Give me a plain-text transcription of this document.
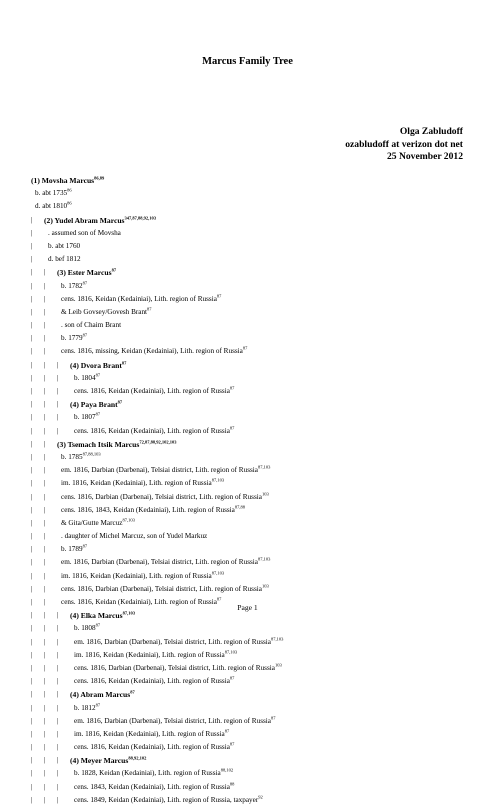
Marcus Family Tree
Olga Zabludoff
ozabludoff at verizon dot net
25 November 2012
(1) Movsha Marcus$^{86,89}$
b. abt 1735$^{86}$
d. abt 1810$^{86}$
|
(2) Yudel Abram Marcus$^{347,87,88,92,103}$
|
. assumed son of Movsha
|
b. abt 1760
|
d. bef 1812
|
|
(3) Ester Marcus$^{87}$
|
|
b. 1782$^{87}$
|
|
cens. 1816, Keidan (Kedainiai), Lith. region of Russia$^{87}$
|
|
& Leib Govsey/Govesh Brant$^{87}$
|
|
. son of Chaim Brant
|
|
b. 1779$^{87}$
|
|
cens. 1816, missing, Keidan (Kedainiai), Lith. region of Russia$^{87}$
|
|
|
(4) Dvora Brant$^{87}$
|
|
|
b. 1804$^{87}$
|
|
|
cens. 1816, Keidan (Kedainiai), Lith. region of Russia$^{87}$
|
|
|
(4) Paya Brant$^{87}$
|
|
|
b. 1807$^{87}$
|
|
|
cens. 1816, Keidan (Kedainiai), Lith. region of Russia$^{87}$
|
|
(3) Tsemach Itsik Marcus$^{72,87,88,92,102,103}$
|
|
b. 1785$^{87,88,103}$
|
|
em. 1816, Darbian (Darbenai), Telsiai district, Lith. region of Russia$^{87,103}$
|
|
im. 1816, Keidan (Kedainiai), Lith. region of Russia$^{87,103}$
|
|
cens. 1816, Darbian (Darbenai), Telsiai district, Lith. region of Russia$^{103}$
|
|
cens. 1816, 1843, Keidan (Kedainiai), Lith. region of Russia$^{87,88}$
|
|
& Gita/Gutte Marcuz$^{87,103}$
|
|
. daughter of Michel Marcuz, son of Yudel Markuz
|
|
b. 1789$^{87}$
|
|
em. 1816, Darbian (Darbenai), Telsiai district, Lith. region of Russia$^{87,103}$
|
|
im. 1816, Keidan (Kedainiai), Lith. region of Russia$^{87,103}$
|
|
cens. 1816, Darbian (Darbenai), Telsiai district, Lith. region of Russia$^{103}$
|
|
cens. 1816, Keidan (Kedainiai), Lith. region of Russia$^{87}$
|
|
|
(4) Elka Marcus$^{87,103}$
|
|
|
b. 1808$^{87}$
|
|
|
em. 1816, Darbian (Darbenai), Telsiai district, Lith. region of Russia$^{87,103}$
|
|
|
im. 1816, Keidan (Kedainiai), Lith. region of Russia$^{87,103}$
|
|
|
cens. 1816, Darbian (Darbenai), Telsiai district, Lith. region of Russia$^{103}$
|
|
|
cens. 1816, Keidan (Kedainiai), Lith. region of Russia$^{87}$
|
|
|
(4) Abram Marcus$^{87}$
|
|
|
b. 1812$^{87}$
|
|
|
em. 1816, Darbian (Darbenai), Telsiai district, Lith. region of Russia$^{87}$
|
|
|
im. 1816, Keidan (Kedainiai), Lith. region of Russia$^{87}$
|
|
|
cens. 1816, Keidan (Kedainiai), Lith. region of Russia$^{87}$
|
|
|
(4) Meyer Marcus$^{88,92,102}$
|
|
|
b. 1828, Keidan (Kedainiai), Lith. region of Russia$^{88,102}$
|
|
|
cens. 1843, Keidan (Kedainiai), Lith. region of Russia$^{88}$
|
|
|
cens. 1849, Keidan (Kedainiai), Lith. region of Russia, taxpayer$^{92}$
Page 1
